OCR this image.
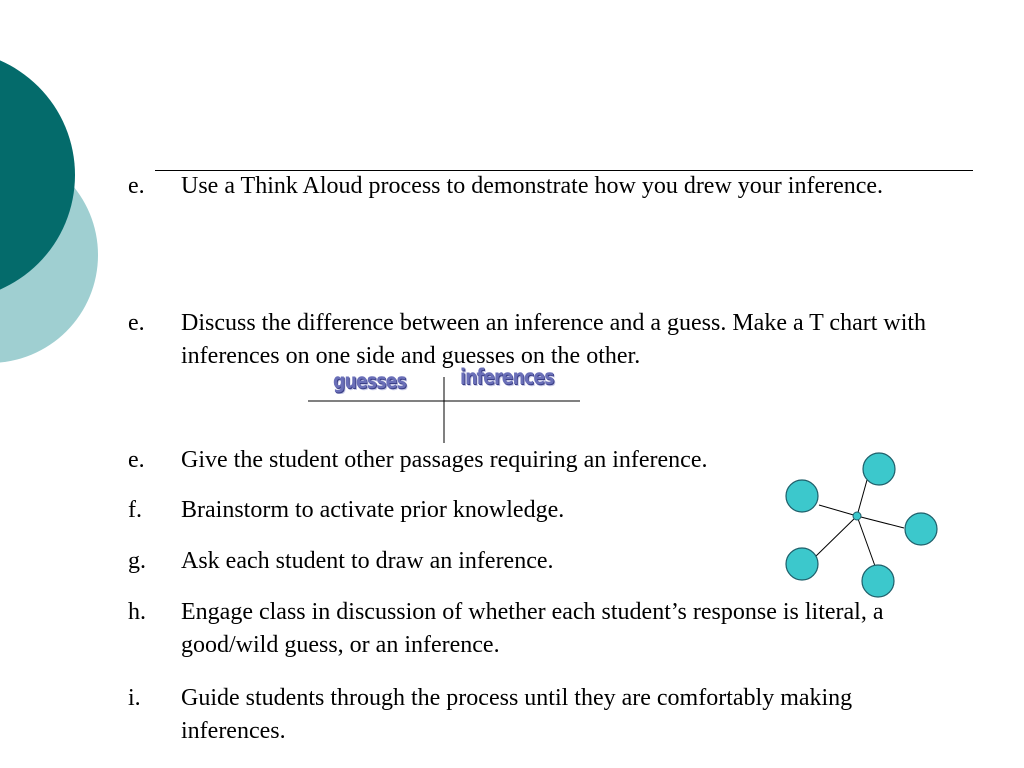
e.	Use a Think Aloud process to demonstrate how you drew your inference.
e.	Discuss the difference between an inference and a guess. Make a T chart with inferences on one side and guesses on the other.
guesses	inferences
e.	Give the student other passages requiring an inference.
f.	Brainstorm to activate prior knowledge.
g.	Ask each student to draw an inference.
h.	Engage class in discussion of whether each student’s response is literal, a good/wild guess, or an inference.
i.	Guide students through the process until they are comfortably making inferences.
